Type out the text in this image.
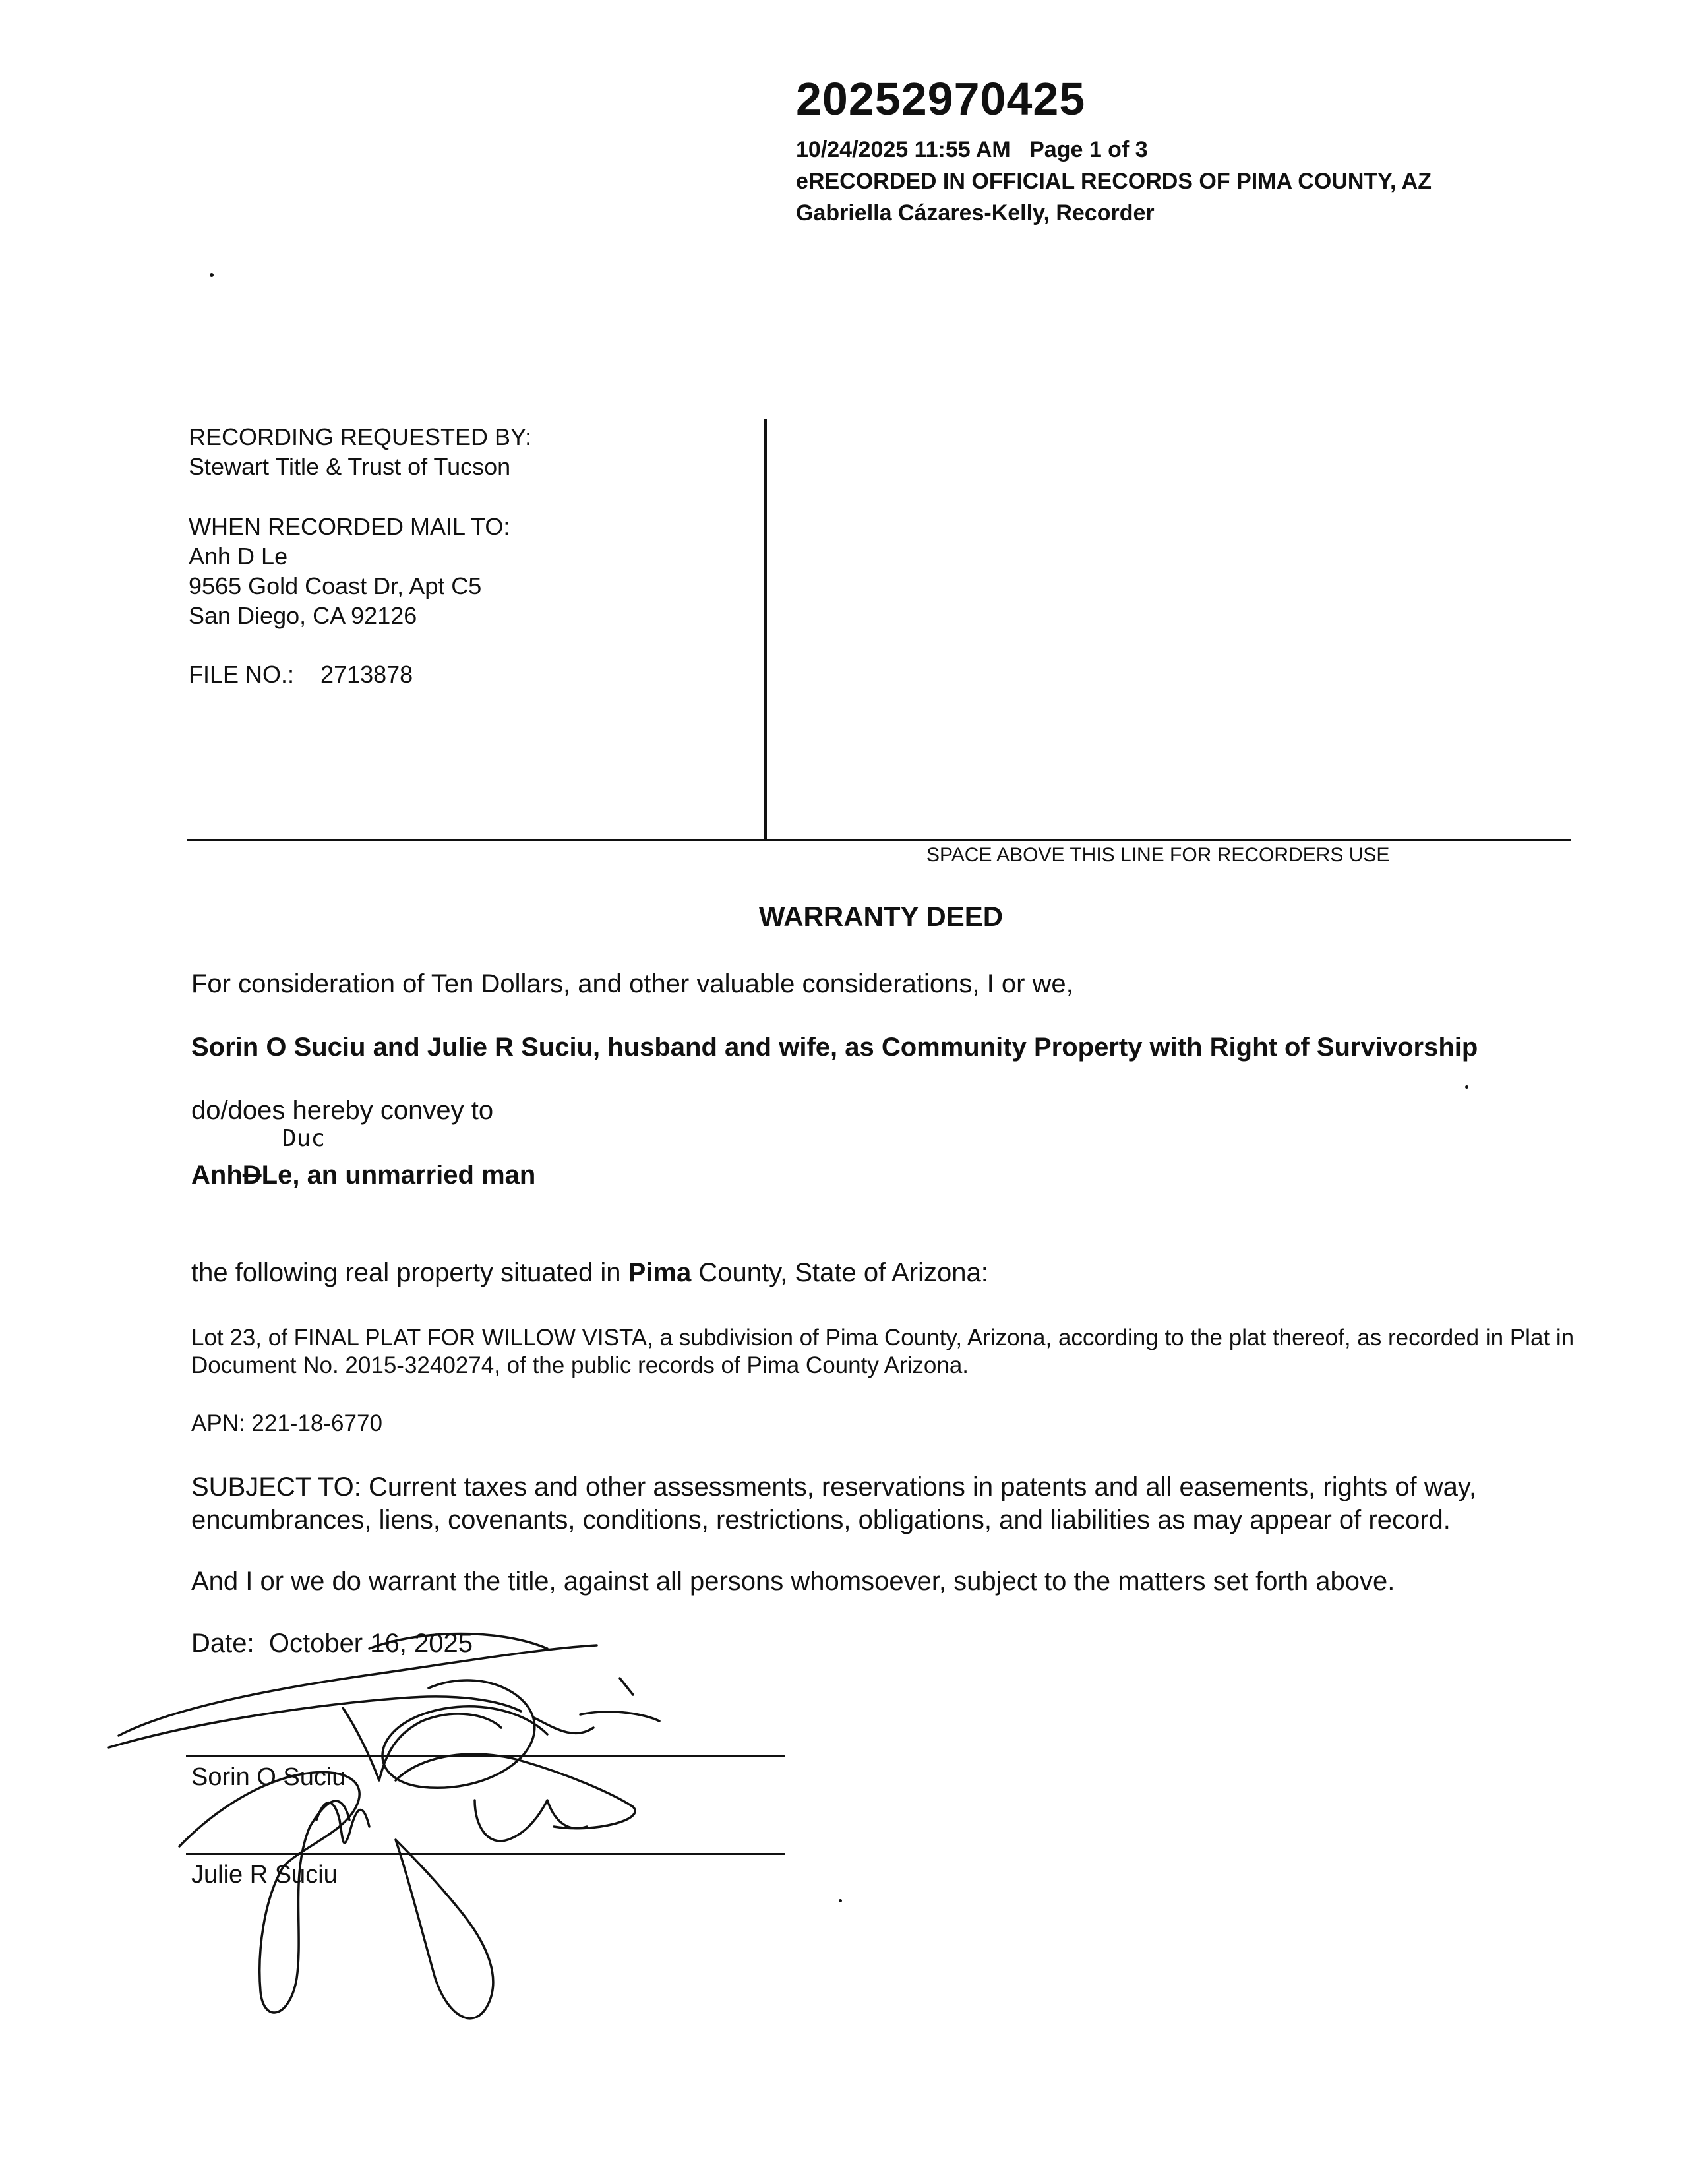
20252970425
10/24/2025 11:55 AM Page 1 of 3
eRECORDED IN OFFICIAL RECORDS OF PIMA COUNTY, AZ
Gabriella Cázares-Kelly, Recorder
RECORDING REQUESTED BY:
Stewart Title & Trust of Tucson
WHEN RECORDED MAIL TO:
Anh D Le
9565 Gold Coast Dr, Apt C5
San Diego, CA 92126
FILE NO.: 2713878
SPACE ABOVE THIS LINE FOR RECORDERS USE
WARRANTY DEED
For consideration of Ten Dollars, and other valuable considerations, I or we,
Sorin O Suciu and Julie R Suciu, husband and wife, as Community Property with Right of Survivorship
do/does hereby convey to
Duc
AnhDLe, an unmarried man
the following real property situated in Pima County, State of Arizona:
Lot 23, of FINAL PLAT FOR WILLOW VISTA, a subdivision of Pima County, Arizona, according to the plat thereof, as recorded in Plat in Document No. 2015-3240274, of the public records of Pima County Arizona.
APN: 221-18-6770
SUBJECT TO: Current taxes and other assessments, reservations in patents and all easements, rights of way, encumbrances, liens, covenants, conditions, restrictions, obligations, and liabilities as may appear of record.
And I or we do warrant the title, against all persons whomsoever, subject to the matters set forth above.
Date: October 16, 2025
Sorin O Suciu
Julie R Suciu
